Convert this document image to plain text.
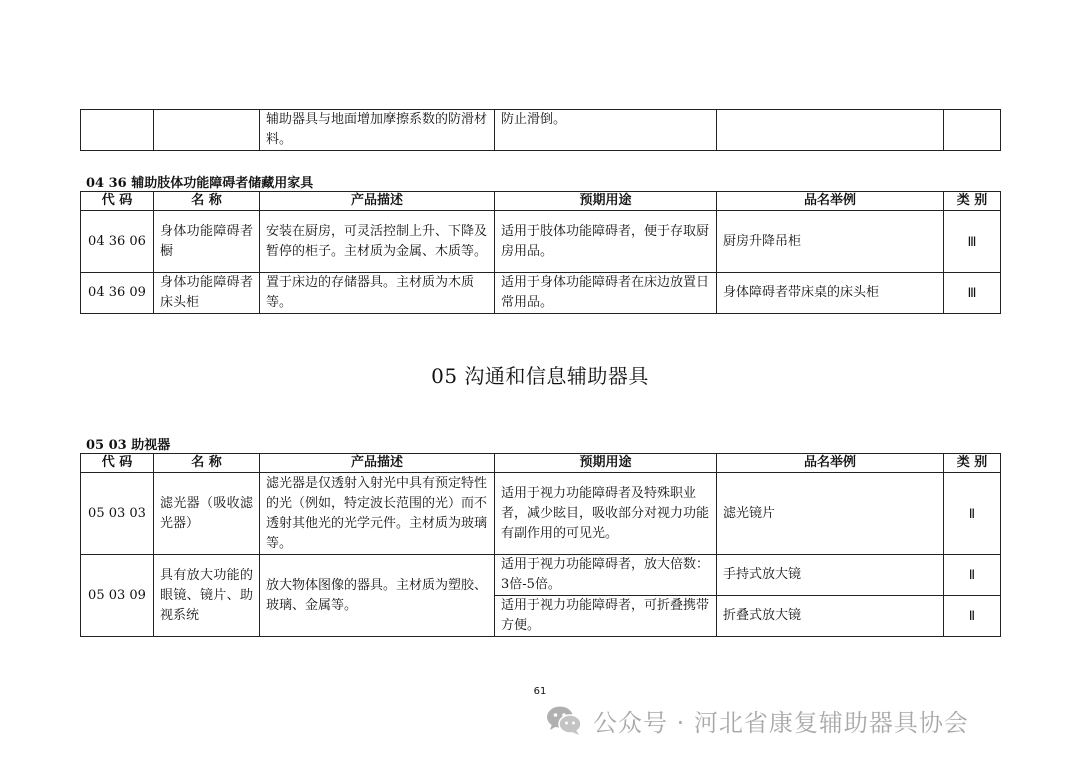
		辅助器具与地面增加摩擦系数的防滑材料。	防止滑倒。		
04 36 辅助肢体功能障碍者储藏用家具
代 码	名 称	产品描述	预期用途	品名举例	类 别
04 36 06	身体功能障碍者橱	安装在厨房，可灵活控制上升、下降及暂停的柜子。主材质为金属、木质等。	适用于肢体功能障碍者，便于存取厨房用品。	厨房升降吊柜	Ⅲ
04 36 09	身体功能障碍者床头柜	置于床边的存储器具。主材质为木质等。	适用于身体功能障碍者在床边放置日常用品。	身体障碍者带床桌的床头柜	Ⅲ
05 沟通和信息辅助器具
05 03 助视器
代 码	名 称	产品描述	预期用途	品名举例	类 别
05 03 03	滤光器（吸收滤光器）	滤光器是仅透射入射光中具有预定特性的光（例如，特定波长范围的光）而不透射其他光的光学元件。主材质为玻璃等。	适用于视力功能障碍者及特殊职业者，减少眩目，吸收部分对视力功能有副作用的可见光。	滤光镜片	Ⅱ
05 03 09	具有放大功能的眼镜、镜片、助视系统	放大物体图像的器具。主材质为塑胶、玻璃、金属等。	适用于视力功能障碍者，放大倍数：3倍-5倍。	手持式放大镜	Ⅱ
			适用于视力功能障碍者，可折叠携带方便。	折叠式放大镜	Ⅱ
61
公众号 · 河北省康复辅助器具协会
